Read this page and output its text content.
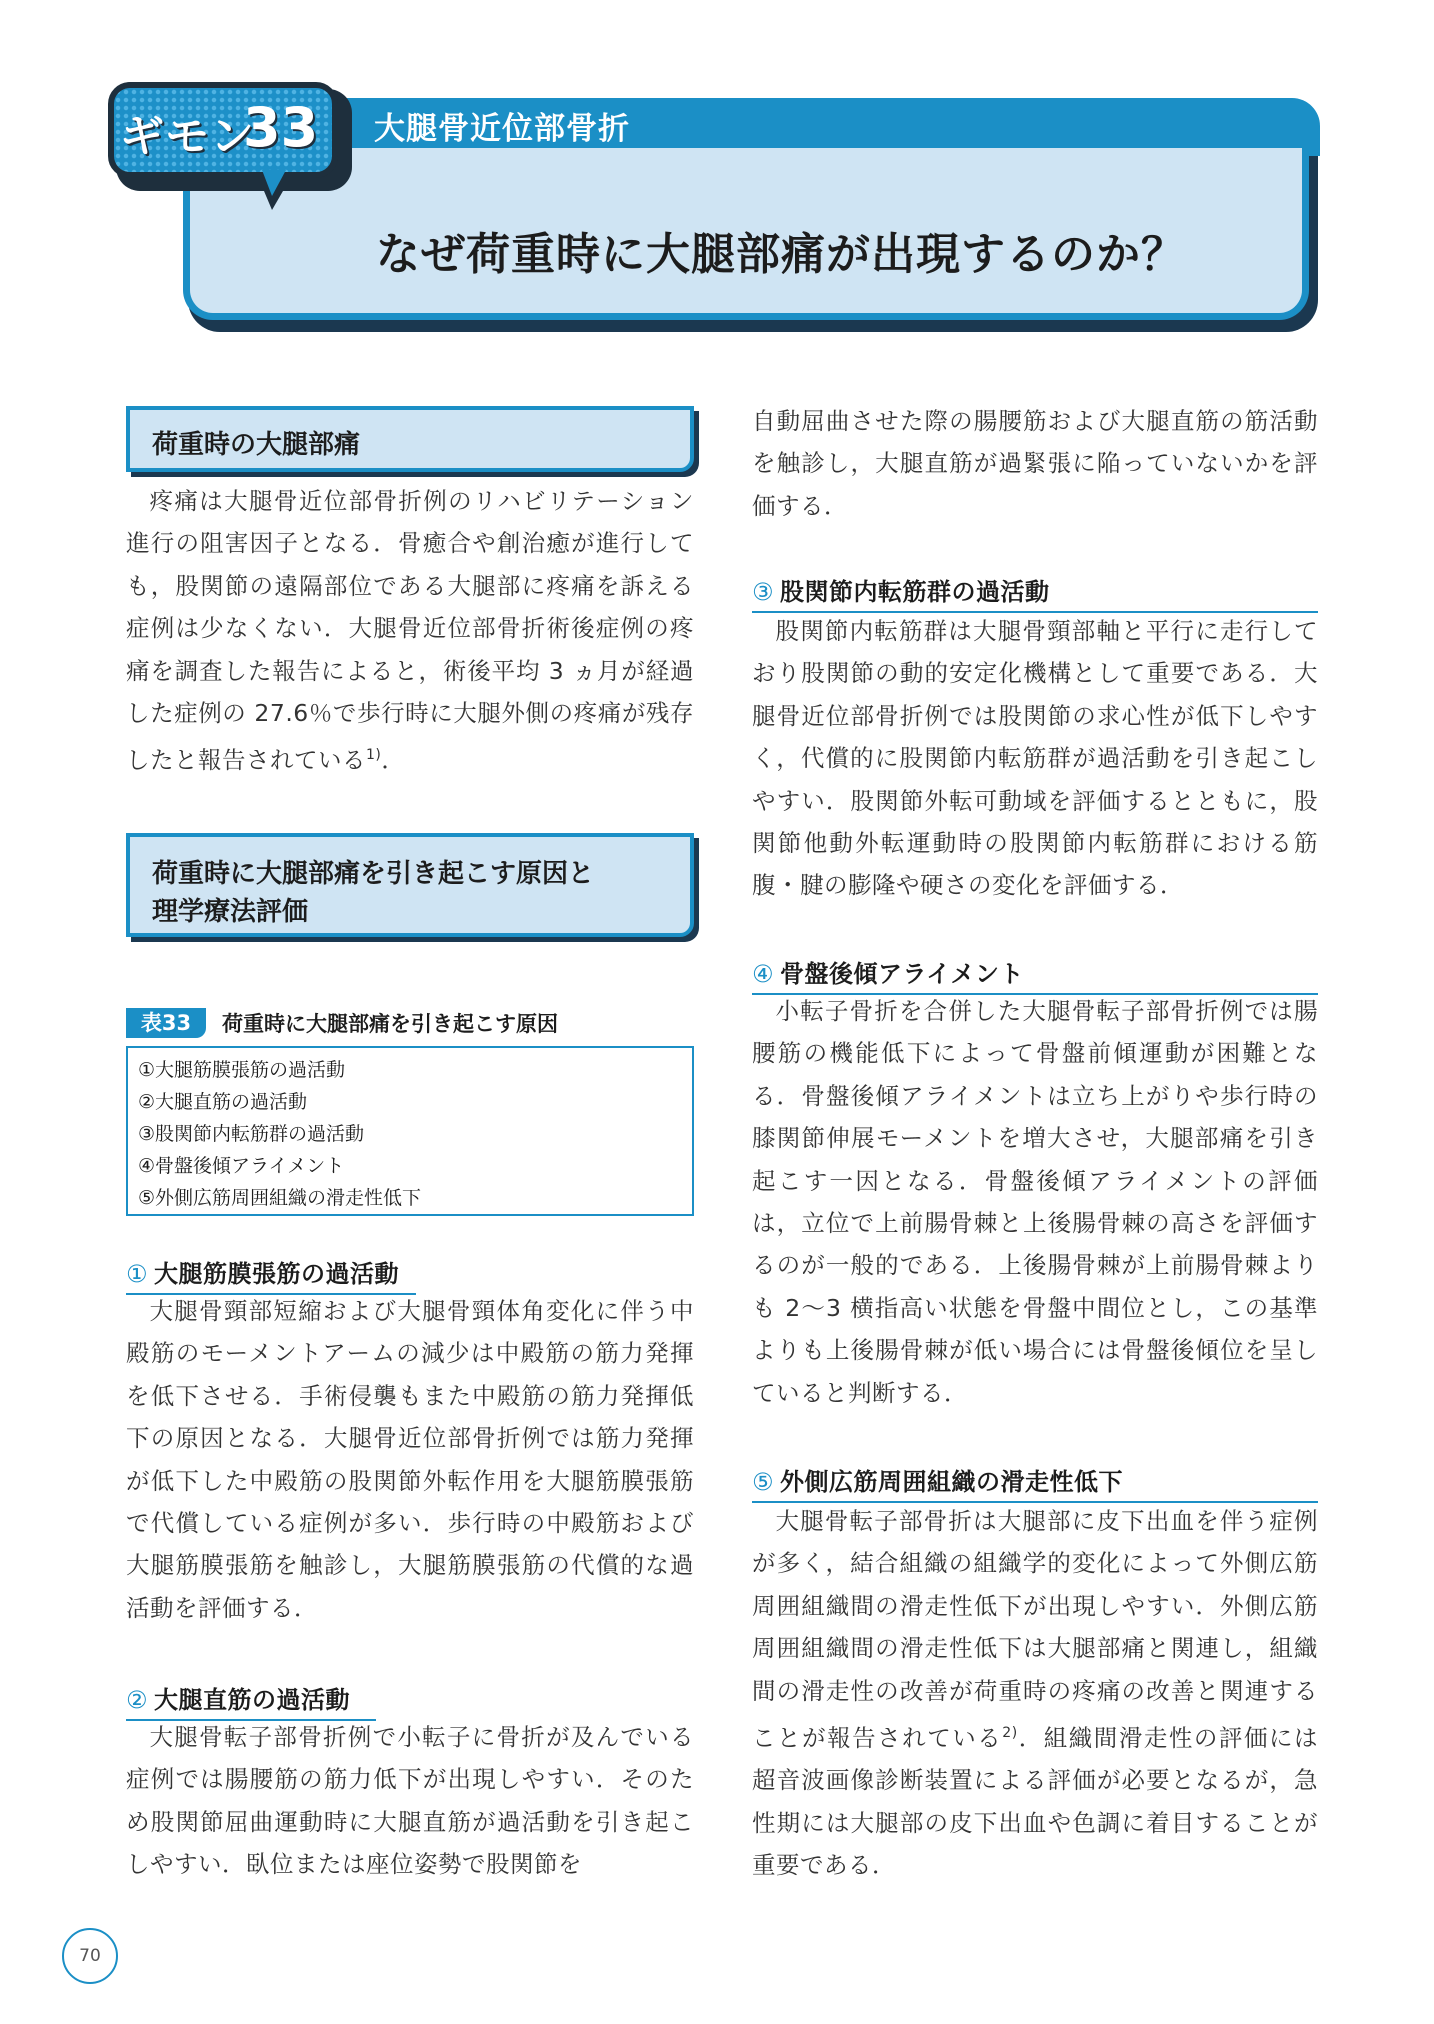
大腿骨近位部骨折
なぜ荷重時に大腿部痛が出現するのか？
ギモン
33
荷重時の大腿部痛
疼痛は大腿骨近位部骨折例のリハビリテーション進行の阻害因子となる．骨癒合や創治癒が進行しても，股関節の遠隔部位である大腿部に疼痛を訴える症例は少なくない．大腿骨近位部骨折術後症例の疼痛を調査した報告によると，術後平均 3 ヵ月が経過した症例の 27.6％で歩行時に大腿外側の疼痛が残存したと報告されている$^{1)}$．
荷重時に大腿部痛を引き起こす原因と
理学療法評価
表33	荷重時に大腿部痛を引き起こす原因
①大腿筋膜張筋の過活動
②大腿直筋の過活動
③股関節内転筋群の過活動
④骨盤後傾アライメント
⑤外側広筋周囲組織の滑走性低下
① 大腿筋膜張筋の過活動
大腿骨頸部短縮および大腿骨頸体角変化に伴う中殿筋のモーメントアームの減少は中殿筋の筋力発揮を低下させる．手術侵襲もまた中殿筋の筋力発揮低下の原因となる．大腿骨近位部骨折例では筋力発揮が低下した中殿筋の股関節外転作用を大腿筋膜張筋で代償している症例が多い．歩行時の中殿筋および大腿筋膜張筋を触診し，大腿筋膜張筋の代償的な過活動を評価する．
② 大腿直筋の過活動
大腿骨転子部骨折例で小転子に骨折が及んでいる症例では腸腰筋の筋力低下が出現しやすい．そのため股関節屈曲運動時に大腿直筋が過活動を引き起こしやすい．臥位または座位姿勢で股関節を
自動屈曲させた際の腸腰筋および大腿直筋の筋活動を触診し，大腿直筋が過緊張に陥っていないかを評価する．
③ 股関節内転筋群の過活動
股関節内転筋群は大腿骨頸部軸と平行に走行しており股関節の動的安定化機構として重要である．大腿骨近位部骨折例では股関節の求心性が低下しやすく，代償的に股関節内転筋群が過活動を引き起こしやすい．股関節外転可動域を評価するとともに，股関節他動外転運動時の股関節内転筋群における筋腹・腱の膨隆や硬さの変化を評価する．
④ 骨盤後傾アライメント
小転子骨折を合併した大腿骨転子部骨折例では腸腰筋の機能低下によって骨盤前傾運動が困難となる．骨盤後傾アライメントは立ち上がりや歩行時の膝関節伸展モーメントを増大させ，大腿部痛を引き起こす一因となる．骨盤後傾アライメントの評価は，立位で上前腸骨棘と上後腸骨棘の高さを評価するのが一般的である．上後腸骨棘が上前腸骨棘よりも 2～3 横指高い状態を骨盤中間位とし，この基準よりも上後腸骨棘が低い場合には骨盤後傾位を呈していると判断する．
⑤ 外側広筋周囲組織の滑走性低下
大腿骨転子部骨折は大腿部に皮下出血を伴う症例が多く，結合組織の組織学的変化によって外側広筋周囲組織間の滑走性低下が出現しやすい．外側広筋周囲組織間の滑走性低下は大腿部痛と関連し，組織間の滑走性の改善が荷重時の疼痛の改善と関連することが報告されている$^{2)}$．組織間滑走性の評価には超音波画像診断装置による評価が必要となるが，急性期には大腿部の皮下出血や色調に着目することが重要である．
70
